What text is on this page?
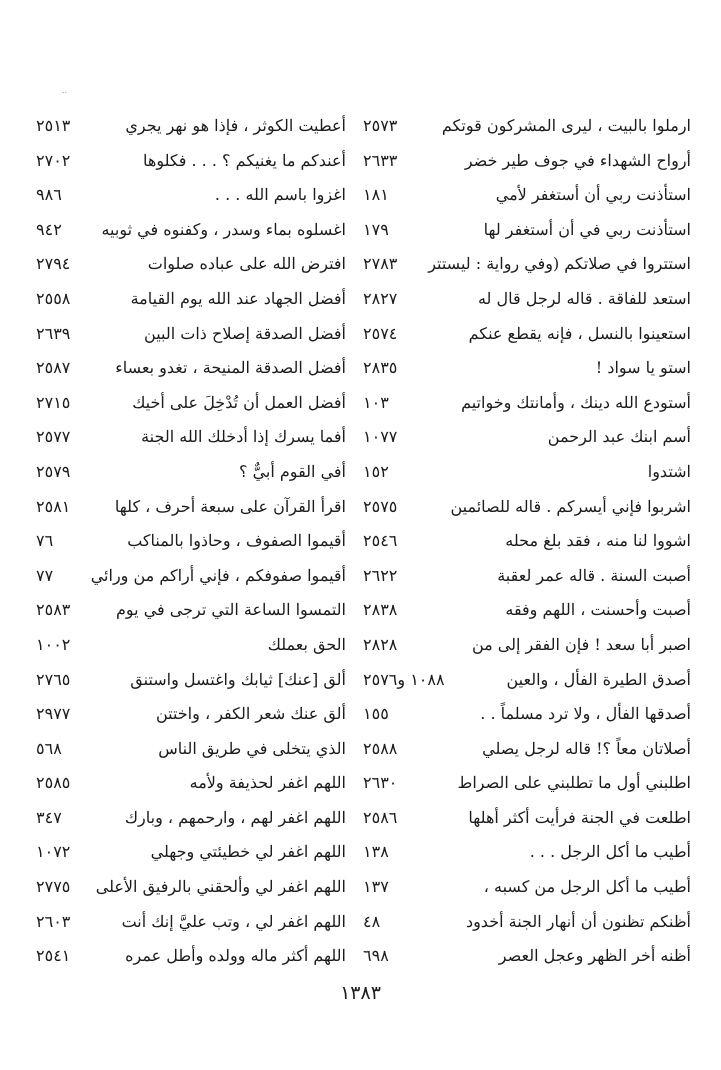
..
ارملوا بالبيت ، ليرى المشركون قوتكم
٢٥٧٣
أرواح الشهداء في جوف طير خضر
٢٦٣٣
استأذنت ربي أن أستغفر لأمي
١٨١
استأذنت ربي في أن أستغفر لها
١٧٩
استتروا في صلاتكم (وفي رواية : ليستتر
٢٧٨٣
استعد للفاقة . قاله لرجل قال له
٢٨٢٧
استعينوا بالنسل ، فإنه يقطع عنكم
٢٥٧٤
استو يا سواد !
٢٨٣٥
أستودع الله دينك ، وأمانتك وخواتيم
١٠٣
أسم ابنك عبد الرحمن
١٠٧٧
اشتدوا
١٥٢
اشربوا فإني أيسركم . قاله للصائمين
٢٥٧٥
اشووا لنا منه ، فقد بلغ محله
٢٥٤٦
أصبت السنة . قاله عمر لعقبة
٢٦٢٢
أصبت وأحسنت ، اللهم وفقه
٢٨٣٨
اصبر أبا سعد ! فإن الفقر إلى من
٢٨٢٨
أصدق الطيرة الفأل ، والعين
١٠٨٨ و٢٥٧٦
أصدقها الفأل ، ولا ترد مسلماً . .
١٥٥
أصلاتان معاً ؟! قاله لرجل يصلي
٢٥٨٨
اطلبني أول ما تطلبني على الصراط
٢٦٣٠
اطلعت في الجنة فرأيت أكثر أهلها
٢٥٨٦
أطيب ما أكل الرجل . . .
١٣٨
أطيب ما أكل الرجل من كسبه ،
١٣٧
أظنكم تظنون أن أنهار الجنة أخدود
٤٨
أظنه أخر الظهر وعجل العصر
٦٩٨
أعطيت الكوثر ، فإذا هو نهر يجري
٢٥١٣
أعندكم ما يغنيكم ؟ . . . فكلوها
٢٧٠٢
اغزوا باسم الله . . .
٩٨٦
اغسلوه بماء وسدر ، وكفنوه في ثوبيه
٩٤٢
افترض الله على عباده صلوات
٢٧٩٤
أفضل الجهاد عند الله يوم القيامة
٢٥٥٨
أفضل الصدقة إصلاح ذات البين
٢٦٣٩
أفضل الصدقة المنيحة ، تغدو بعساء
٢٥٨٧
أفضل العمل أن تُدْخِلَ على أخيك
٢٧١٥
أفما يسرك إذا أدخلك الله الجنة
٢٥٧٧
أفي القوم أبيٌّ ؟
٢٥٧٩
اقرأ القرآن على سبعة أحرف ، كلها
٢٥٨١
أقيموا الصفوف ، وحاذوا بالمناكب
٧٦
أقيموا صفوفكم ، فإني أراكم من ورائي
٧٧
التمسوا الساعة التي ترجى في يوم
٢٥٨٣
الحق بعملك
١٠٠٢
ألق [عنك] ثيابك واغتسل واستنق
٢٧٦٥
ألق عنك شعر الكفر ، واختتن
٢٩٧٧
الذي يتخلى في طريق الناس
٥٦٨
اللهم اغفر لحذيفة ولأمه
٢٥٨٥
اللهم اغفر لهم ، وارحمهم ، وبارك
٣٤٧
اللهم اغفر لي خطيئتي وجهلي
١٠٧٢
اللهم اغفر لي وألحقني بالرفيق الأعلى
٢٧٧٥
اللهم اغفر لي ، وتب عليَّ إنك أنت
٢٦٠٣
اللهم أكثر ماله وولده وأطل عمره
٢٥٤١
١٣٨٣
